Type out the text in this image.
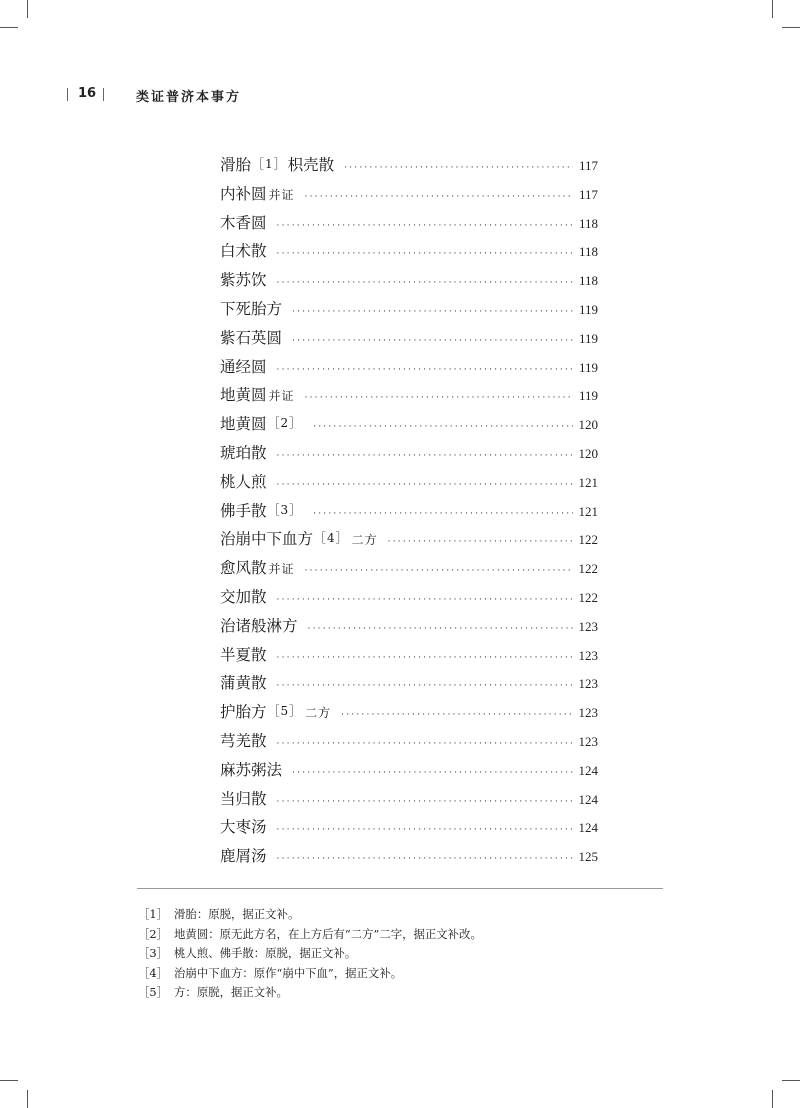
16	类证普济本事方
滑胎 ［1］ 枳壳散 ·····	117
内补圆 并证 ·····	117
木香圆 ·····	118
白术散 ·····	118
紫苏饮 ·····	118
下死胎方 ·····	119
紫石英圆 ·····	119
通经圆 ·····	119
地黄圆 并证 ·····	119
地黄圆 ［2］ ·····	120
琥珀散 ·····	120
桃人煎 ·····	121
佛手散 ［3］ ·····	121
治崩中下血方 ［4］ 二方 ·····	122
愈风散 并证 ·····	122
交加散 ·····	122
治诸般淋方 ·····	123
半夏散 ·····	123
蒲黄散 ·····	123
护胎方 ［5］ 二方 ·····	123
芎羌散 ·····	123
麻苏粥法 ·····	124
当归散 ·····	124
大枣汤 ·····	124
鹿屑汤 ·····	125
［1］ 滑胎：原脱，据正文补。
［2］ 地黄圆：原无此方名，在上方后有“二方”二字，据正文补改。
［3］ 桃人煎、佛手散：原脱，据正文补。
［4］ 治崩中下血方：原作“崩中下血”，据正文补。
［5］ 方：原脱，据正文补。
